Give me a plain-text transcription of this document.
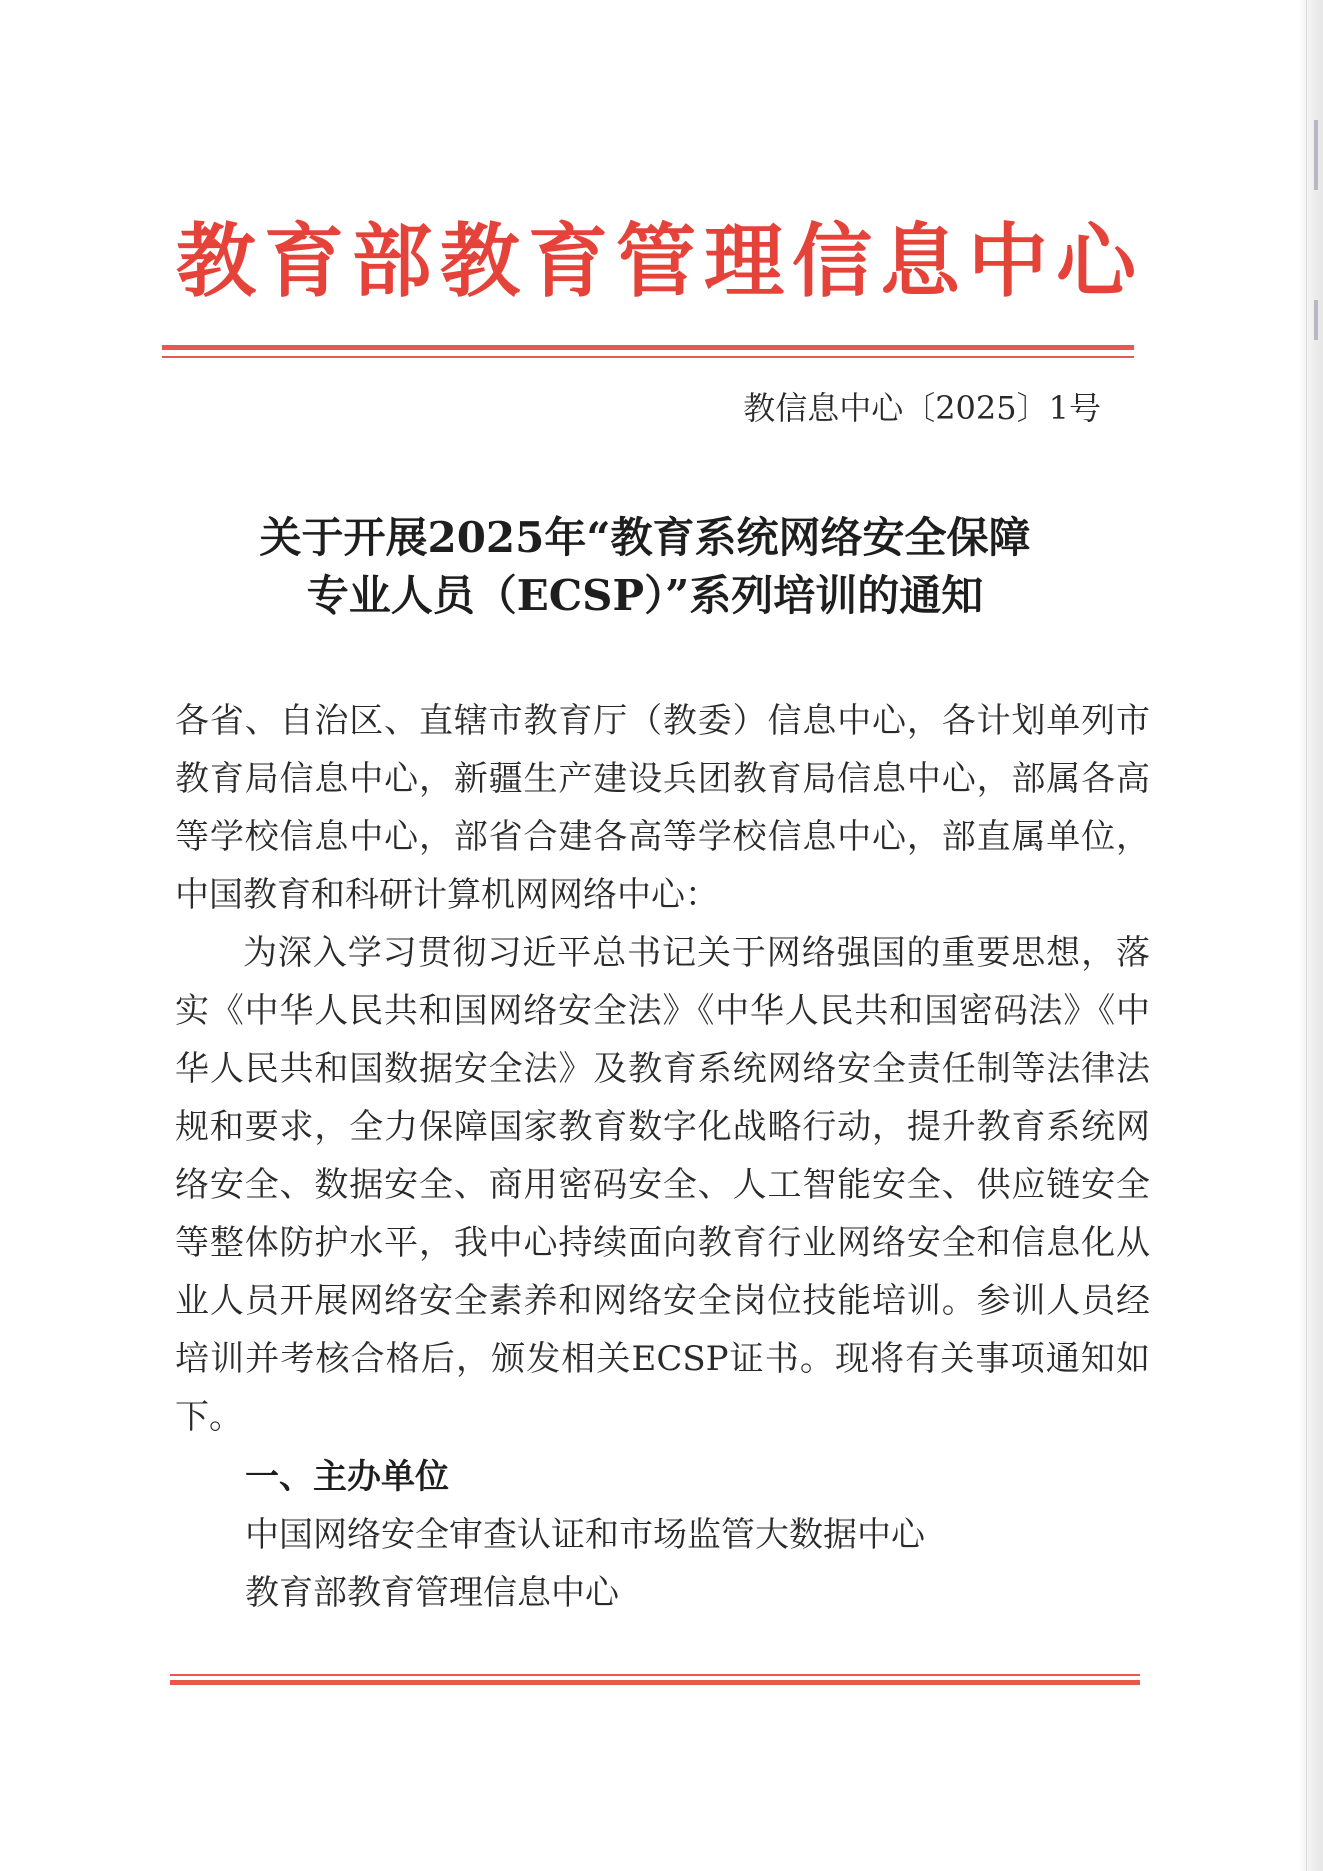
教育部教育管理信息中心
教信息中心〔2025〕1号
关于开展2025年“教育系统网络安全保障
专业人员（ECSP）”系列培训的通知
各省、自治区、直辖市教育厅（教委）信息中心，各计划单列市教育局信息中心，新疆生产建设兵团教育局信息中心，部属各高等学校信息中心，部省合建各高等学校信息中心，部直属单位，中国教育和科研计算机网网络中心：
为深入学习贯彻习近平总书记关于网络强国的重要思想，落实《中华人民共和国网络安全法》《中华人民共和国密码法》《中华人民共和国数据安全法》及教育系统网络安全责任制等法律法规和要求，全力保障国家教育数字化战略行动，提升教育系统网络安全、数据安全、商用密码安全、人工智能安全、供应链安全等整体防护水平，我中心持续面向教育行业网络安全和信息化从业人员开展网络安全素养和网络安全岗位技能培训。参训人员经培训并考核合格后，颁发相关ECSP证书。现将有关事项通知如下。
一、主办单位
中国网络安全审查认证和市场监管大数据中心
教育部教育管理信息中心
